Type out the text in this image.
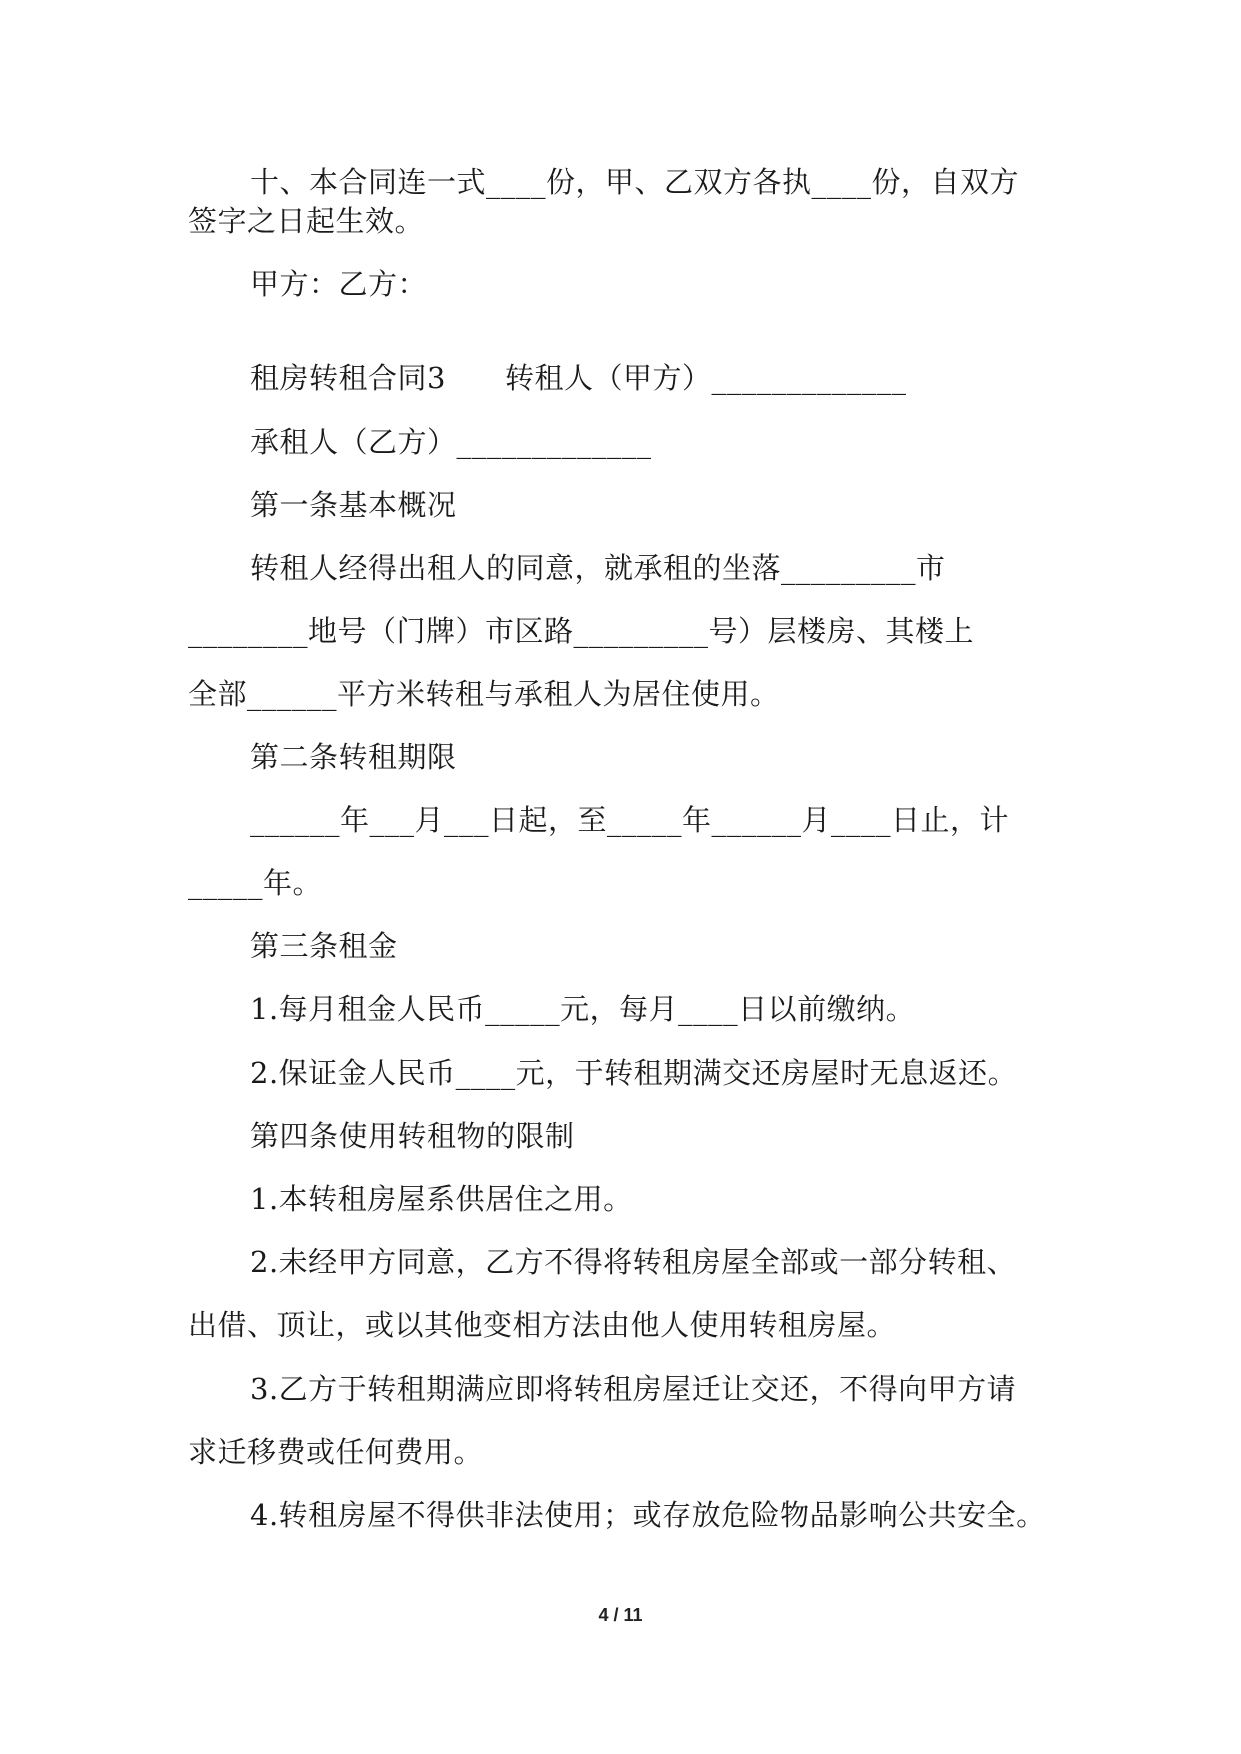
十、本合同连一式____份，甲、乙双方各执____份，自双方
签字之日起生效。
甲方：乙方：
租房转租合同3　　转租人（甲方）_____________
承租人（乙方）_____________
第一条基本概况
转租人经得出租人的同意，就承租的坐落_________市
________地号（门牌）市区路_________号）层楼房、其楼上
全部______平方米转租与承租人为居住使用。
第二条转租期限
______年___月___日起，至_____年______月____日止，计
_____年。
第三条租金
1.每月租金人民币_____元，每月____日以前缴纳。
2.保证金人民币____元，于转租期满交还房屋时无息返还。
第四条使用转租物的限制
1.本转租房屋系供居住之用。
2.未经甲方同意，乙方不得将转租房屋全部或一部分转租、
出借、顶让，或以其他变相方法由他人使用转租房屋。
3.乙方于转租期满应即将转租房屋迁让交还，不得向甲方请
求迁移费或任何费用。
4.转租房屋不得供非法使用；或存放危险物品影响公共安全。
4 / 11
